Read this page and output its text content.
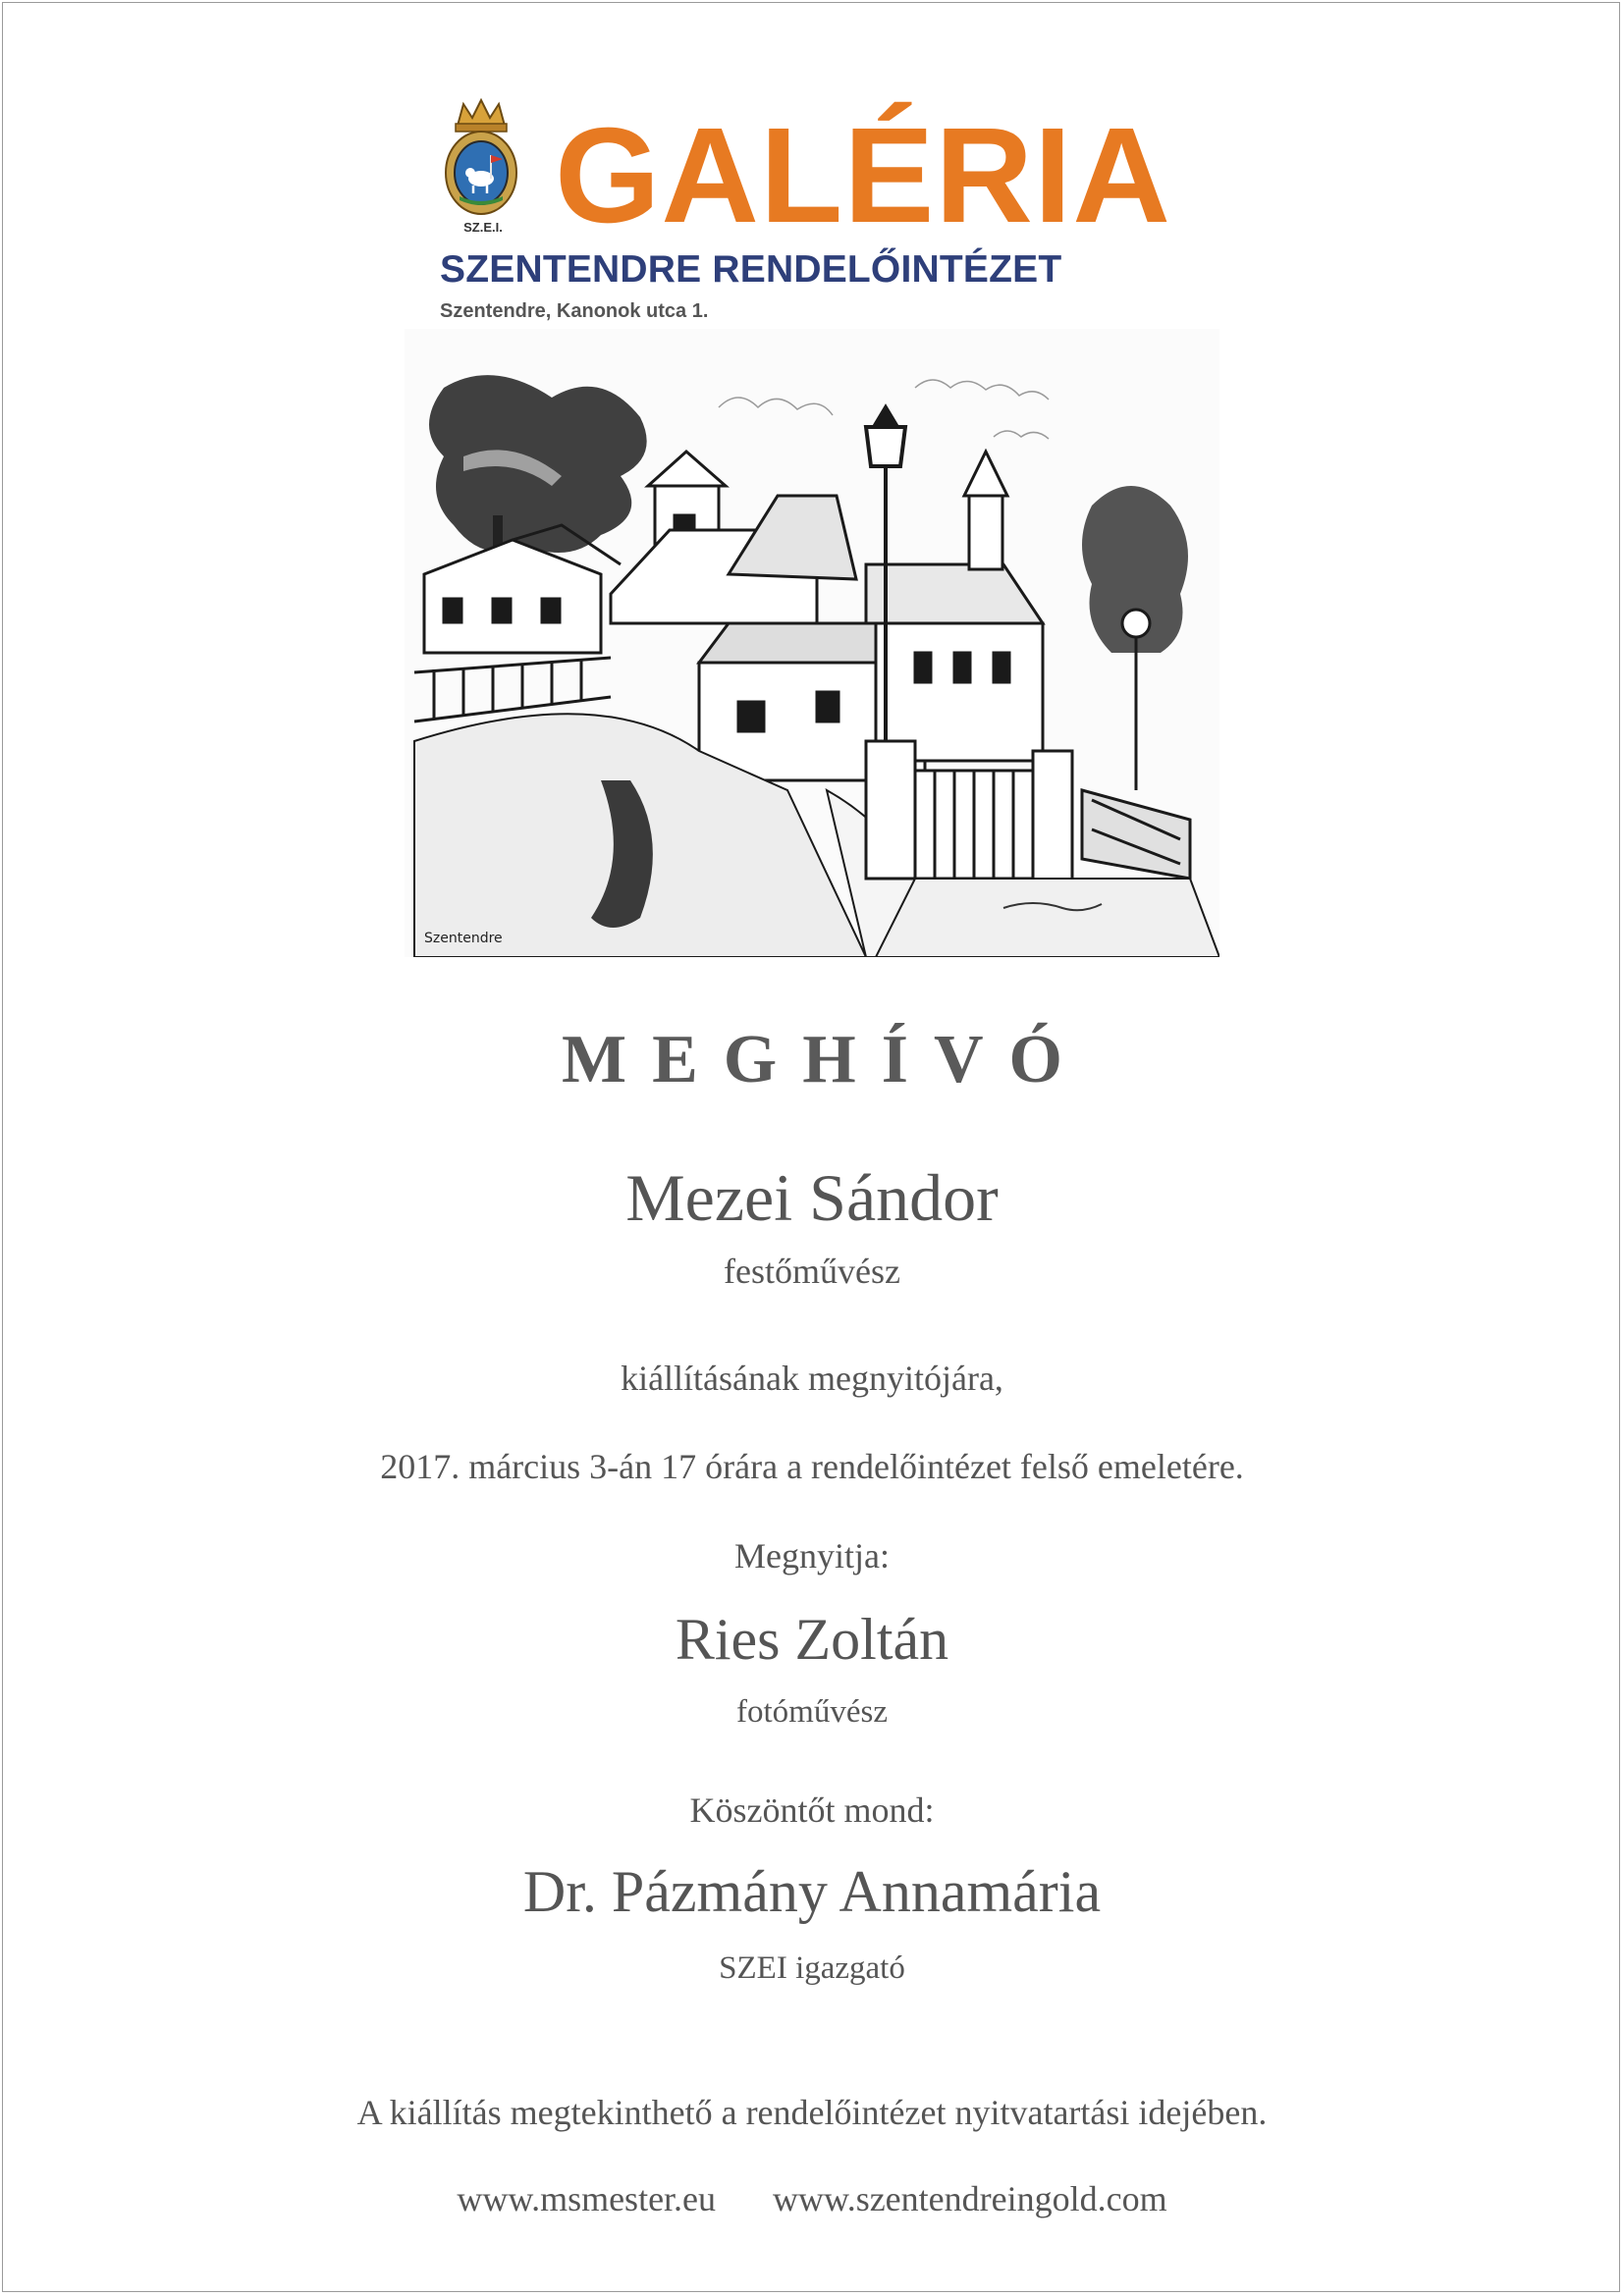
SZ.E.I. GALÉRIA
SZENTENDRE RENDELŐINTÉZET
Szentendre, Kanonok utca 1.
Szentendre
MEGHÍVÓ
Mezei Sándor
festőművész
kiállításának megnyitójára,
2017. március 3-án 17 órára a rendelőintézet felső emeletére.
Megnyitja:
Ries Zoltán
fotóművész
Köszöntőt mond:
Dr. Pázmány Annamária
SZEI igazgató
A kiállítás megtekinthető a rendelőintézet nyitvatartási idejében.
www.msmester.eu www.szentendreingold.com
